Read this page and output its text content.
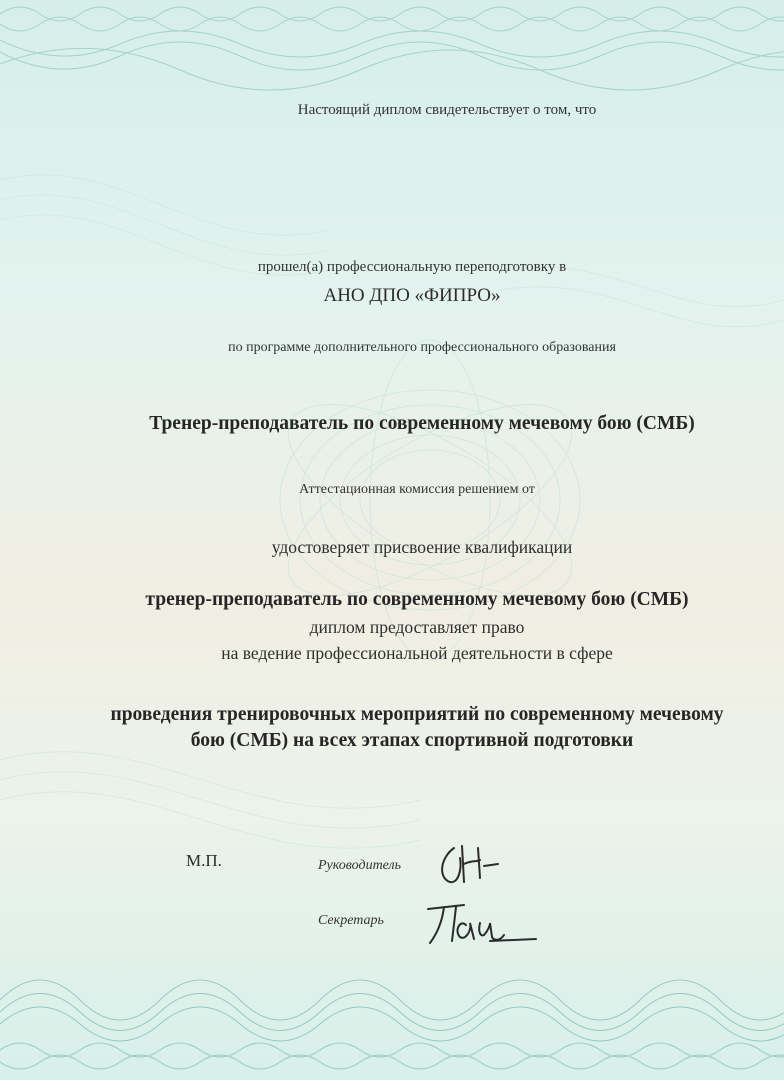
Настоящий диплом свидетельствует о том, что

прошел(а) профессиональную переподготовку в

АНО ДПО «ФИПРО»

по программе дополнительного профессионального образования

Тренер-преподаватель по современному мечевому бою (СМБ)

Аттестационная комиссия решением от

удостоверяет присвоение квалификации

тренер-преподаватель по современному мечевому бою (СМБ)

диплом предоставляет право

на ведение профессиональной деятельности в сфере

проведения тренировочных мероприятий по современному мечевому

бою (СМБ) на всех этапах спортивной подготовки

М.П.	Руководитель
Секретарь
